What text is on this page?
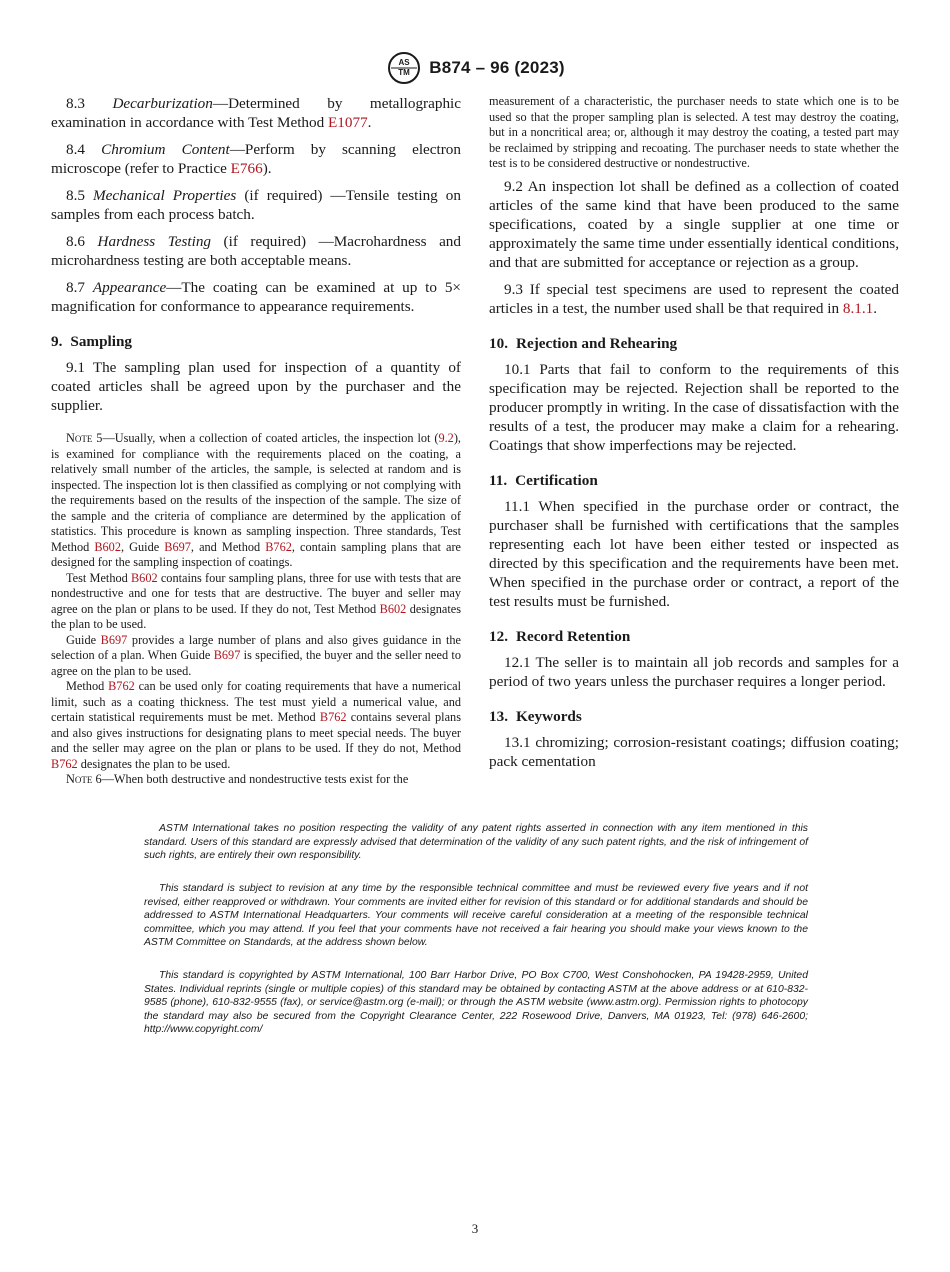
AS
TM B874 – 96 (2023)

8.3 Decarburization—Determined by metallographic examination in accordance with Test Method E1077.

8.4 Chromium Content—Perform by scanning electron microscope (refer to Practice E766).

8.5 Mechanical Properties (if required) —Tensile testing on samples from each process batch.

8.6 Hardness Testing (if required) —Macrohardness and microhardness testing are both acceptable means.

8.7 Appearance—The coating can be examined at up to 5× magnification for conformance to appearance requirements.

9. Sampling

9.1 The sampling plan used for inspection of a quantity of coated articles shall be agreed upon by the purchaser and the supplier.

Note 5—Usually, when a collection of coated articles, the inspection lot (9.2), is examined for compliance with the requirements placed on the coating, a relatively small number of the articles, the sample, is selected at random and is inspected. The inspection lot is then classified as complying or not complying with the requirements based on the results of the inspection of the sample. The size of the sample and the criteria of compliance are determined by the application of statistics. This procedure is known as sampling inspection. Three standards, Test Method B602, Guide B697, and Method B762, contain sampling plans that are designed for the sampling inspection of coatings.

Test Method B602 contains four sampling plans, three for use with tests that are nondestructive and one for tests that are destructive. The buyer and seller may agree on the plan or plans to be used. If they do not, Test Method B602 designates the plan to be used.

Guide B697 provides a large number of plans and also gives guidance in the selection of a plan. When Guide B697 is specified, the buyer and the seller need to agree on the plan to be used.

Method B762 can be used only for coating requirements that have a numerical limit, such as a coating thickness. The test must yield a numerical value, and certain statistical requirements must be met. Method B762 contains several plans and also gives instructions for designating plans to meet special needs. The buyer and the seller may agree on the plan or plans to be used. If they do not, Method B762 designates the plan to be used.

Note 6—When both destructive and nondestructive tests exist for the

measurement of a characteristic, the purchaser needs to state which one is to be used so that the proper sampling plan is selected. A test may destroy the coating, but in a noncritical area; or, although it may destroy the coating, a tested part may be reclaimed by stripping and recoating. The purchaser needs to state whether the test is to be considered destructive or nondestructive.

9.2 An inspection lot shall be defined as a collection of coated articles of the same kind that have been produced to the same specifications, coated by a single supplier at one time or approximately the same time under essentially identical conditions, and that are submitted for acceptance or rejection as a group.

9.3 If special test specimens are used to represent the coated articles in a test, the number used shall be that required in 8.1.1.

10. Rejection and Rehearing

10.1 Parts that fail to conform to the requirements of this specification may be rejected. Rejection shall be reported to the producer promptly in writing. In the case of dissatisfaction with the results of a test, the producer may make a claim for a rehearing. Coatings that show imperfections may be rejected.

11. Certification

11.1 When specified in the purchase order or contract, the purchaser shall be furnished with certifications that the samples representing each lot have been either tested or inspected as directed by this specification and the requirements have been met. When specified in the purchase order or contract, a report of the test results must be furnished.

12. Record Retention

12.1 The seller is to maintain all job records and samples for a period of two years unless the purchaser requires a longer period.

13. Keywords

13.1 chromizing; corrosion-resistant coatings; diffusion coating; pack cementation

ASTM International takes no position respecting the validity of any patent rights asserted in connection with any item mentioned in this standard. Users of this standard are expressly advised that determination of the validity of any such patent rights, and the risk of infringement of such rights, are entirely their own responsibility.

This standard is subject to revision at any time by the responsible technical committee and must be reviewed every five years and if not revised, either reapproved or withdrawn. Your comments are invited either for revision of this standard or for additional standards and should be addressed to ASTM International Headquarters. Your comments will receive careful consideration at a meeting of the responsible technical committee, which you may attend. If you feel that your comments have not received a fair hearing you should make your views known to the ASTM Committee on Standards, at the address shown below.

This standard is copyrighted by ASTM International, 100 Barr Harbor Drive, PO Box C700, West Conshohocken, PA 19428-2959, United States. Individual reprints (single or multiple copies) of this standard may be obtained by contacting ASTM at the above address or at 610-832-9585 (phone), 610-832-9555 (fax), or service@astm.org (e-mail); or through the ASTM website (www.astm.org). Permission rights to photocopy the standard may also be secured from the Copyright Clearance Center, 222 Rosewood Drive, Danvers, MA 01923, Tel: (978) 646-2600; http://www.copyright.com/

3
